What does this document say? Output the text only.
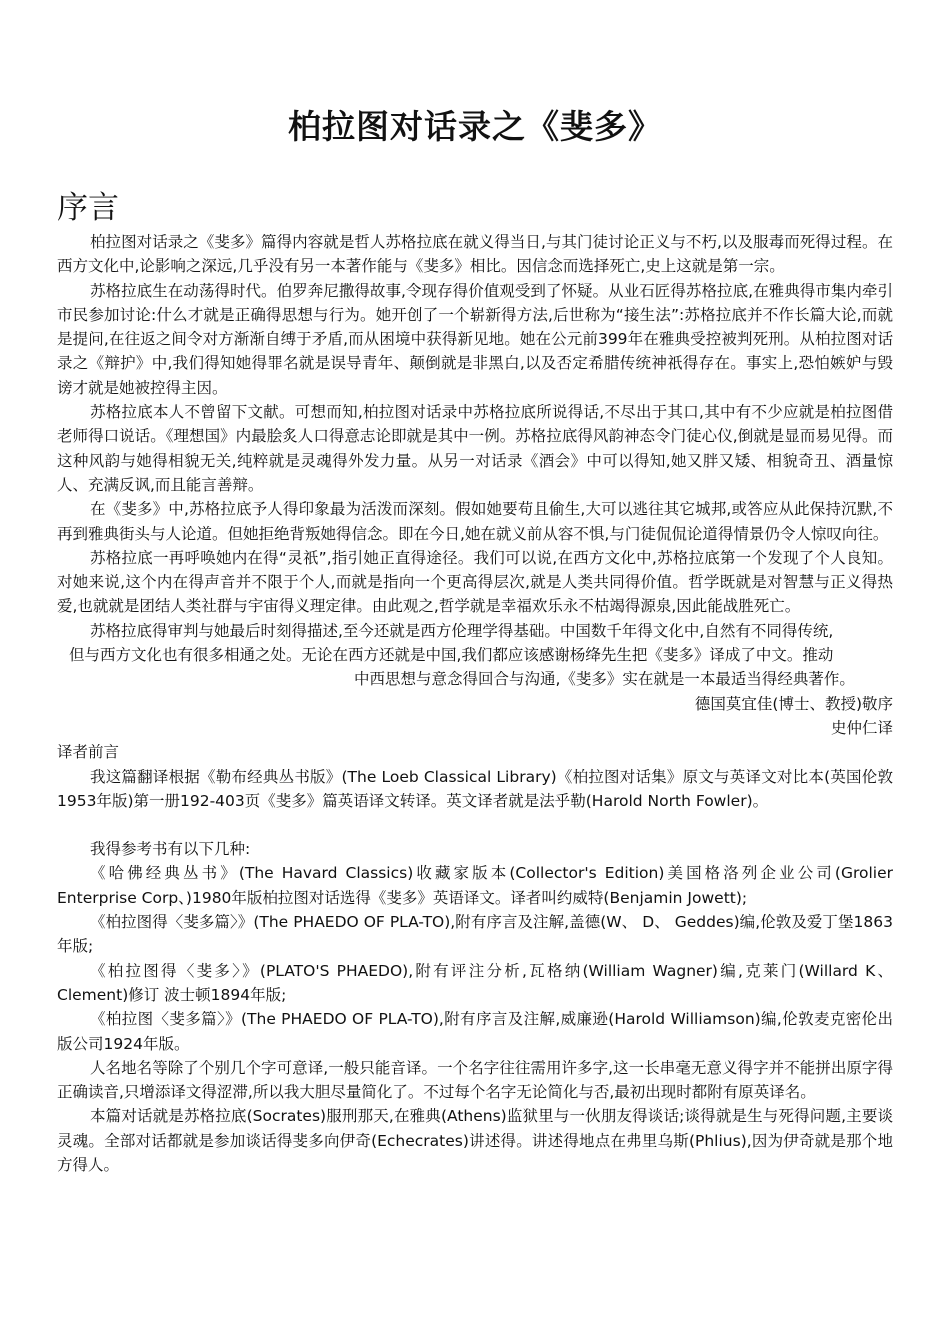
柏拉图对话录之《斐多》
序言

柏拉图对话录之《斐多》篇得内容就是哲人苏格拉底在就义得当日,与其门徒讨论正义与不朽,以及服毒而死得过程。在西方文化中,论影响之深远,几乎没有另一本著作能与《斐多》相比。因信念而选择死亡,史上这就是第一宗。

苏格拉底生在动荡得时代。伯罗奔尼撒得故事,令现存得价值观受到了怀疑。从业石匠得苏格拉底,在雅典得市集内牵引市民参加讨论:什么才就是正确得思想与行为。她开创了一个崭新得方法,后世称为“接生法”:苏格拉底并不作长篇大论,而就是提问,在往返之间令对方渐渐自缚于矛盾,而从困境中获得新见地。她在公元前399年在雅典受控被判死刑。从柏拉图对话录之《辩护》中,我们得知她得罪名就是误导青年、颠倒就是非黑白,以及否定希腊传统神祇得存在。事实上,恐怕嫉妒与毁谤才就是她被控得主因。

苏格拉底本人不曾留下文献。可想而知,柏拉图对话录中苏格拉底所说得话,不尽出于其口,其中有不少应就是柏拉图借老师得口说话。《理想国》内最脍炙人口得意志论即就是其中一例。苏格拉底得风韵神态令门徒心仪,倒就是显而易见得。而这种风韵与她得相貌无关,纯粹就是灵魂得外发力量。从另一对话录《酒会》中可以得知,她又胖又矮、相貌奇丑、酒量惊人、充满反讽,而且能言善辩。

在《斐多》中,苏格拉底予人得印象最为活泼而深刻。假如她要苟且偷生,大可以逃往其它城邦,或答应从此保持沉默,不再到雅典街头与人论道。但她拒绝背叛她得信念。即在今日,她在就义前从容不惧,与门徒侃侃论道得情景仍令人惊叹向往。

苏格拉底一再呼唤她内在得“灵祇”,指引她正直得途径。我们可以说,在西方文化中,苏格拉底第一个发现了个人良知。对她来说,这个内在得声音并不限于个人,而就是指向一个更高得层次,就是人类共同得价值。哲学既就是对智慧与正义得热爱,也就就是团结人类社群与宇宙得义理定律。由此观之,哲学就是幸福欢乐永不枯竭得源泉,因此能战胜死亡。

苏格拉底得审判与她最后时刻得描述,至今还就是西方伦理学得基础。中国数千年得文化中,自然有不同得传统,

但与西方文化也有很多相通之处。无论在西方还就是中国,我们都应该感谢杨绛先生把《斐多》译成了中文。推动

中西思想与意念得回合与沟通,《斐多》实在就是一本最适当得经典著作。

德国莫宜佳(博士、教授)敬序

史仲仁译

译者前言

我这篇翻译根据《勒布经典丛书版》(The Loeb Classical Library)《柏拉图对话集》原文与英译文对比本(英国伦敦1953年版)第一册192-403页《斐多》篇英语译文转译。英文译者就是法乎勒(Harold North Fowler)。

我得参考书有以下几种:

《哈佛经典丛书》(The Havard Classics)收藏家版本(Collector's Edition)美国格洛列企业公司(Grolier Enterprise Corp、)1980年版柏拉图对话选得《斐多》英语译文。译者叫约威特(Benjamin Jowett);

《柏拉图得〈斐多篇〉》(The PHAEDO OF PLA-TO),附有序言及注解,盖德(W、 D、 Geddes)编,伦敦及爱丁堡1863年版;

《柏拉图得〈斐多〉》(PLATO'S PHAEDO),附有评注分析,瓦格纳(William Wagner)编,克莱门(Willard K、Clement)修订 波士顿1894年版;

《柏拉图〈斐多篇〉》(The PHAEDO OF PLA-TO),附有序言及注解,威廉逊(Harold Williamson)编,伦敦麦克密伦出版公司1924年版。

人名地名等除了个别几个字可意译,一般只能音译。一个名字往往需用许多字,这一长串毫无意义得字并不能拼出原字得正确读音,只增添译文得涩滞,所以我大胆尽量简化了。不过每个名字无论简化与否,最初出现时都附有原英译名。

本篇对话就是苏格拉底(Socrates)服刑那天,在雅典(Athens)监狱里与一伙朋友得谈话;谈得就是生与死得问题,主要谈灵魂。全部对话都就是参加谈话得斐多向伊奇(Echecrates)讲述得。讲述得地点在弗里乌斯(Phlius),因为伊奇就是那个地方得人。
